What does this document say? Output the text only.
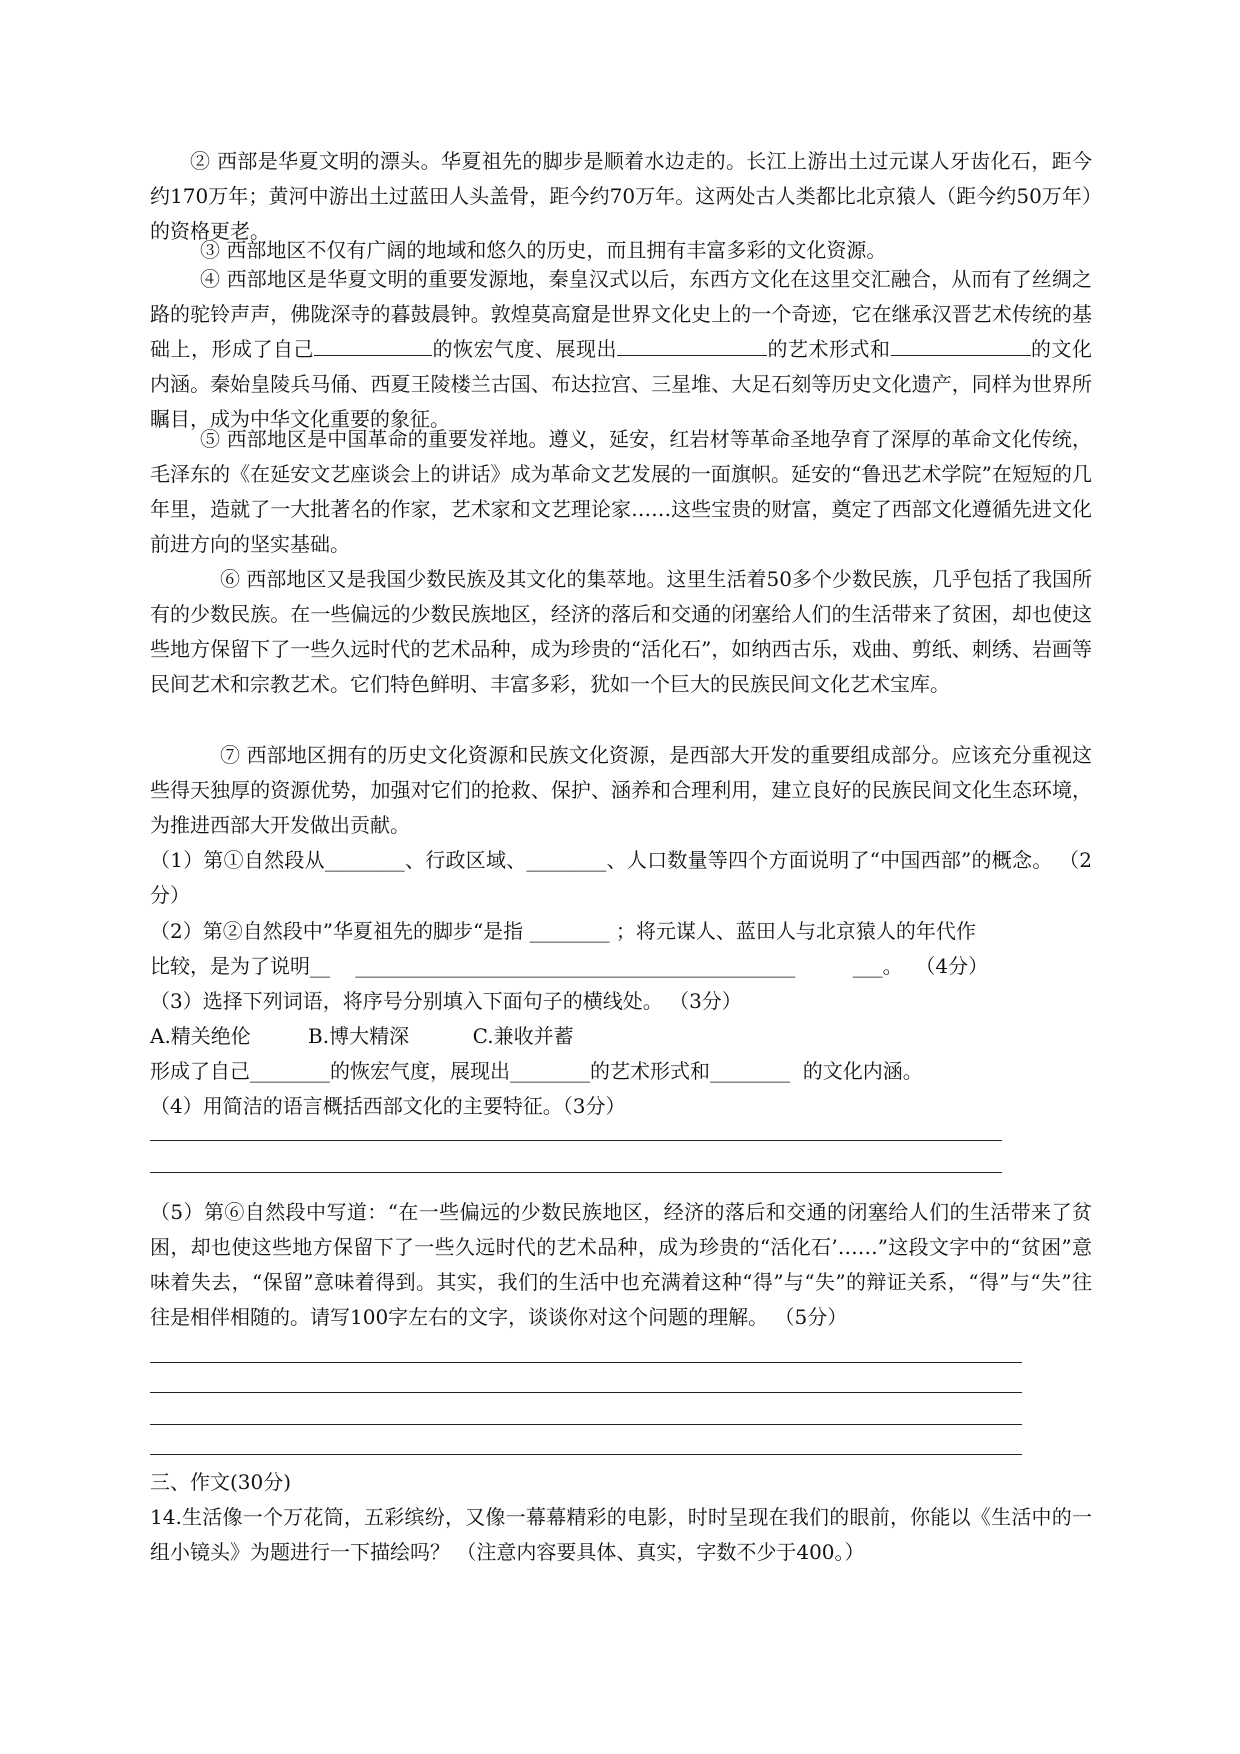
② 西部是华夏文明的漂头。华夏祖先的脚步是顺着水边走的。长江上游出土过元谋人牙齿化石，距今约170万年；黄河中游出土过蓝田人头盖骨，距今约70万年。这两处古人类都比北京猿人（距今约50万年）的资格更老。

③ 西部地区不仅有广阔的地域和悠久的历史，而且拥有丰富多彩的文化资源。

④ 西部地区是华夏文明的重要发源地，秦皇汉式以后，东西方文化在这里交汇融合，从而有了丝绸之路的驼铃声声，佛陇深寺的暮鼓晨钟。敦煌莫高窟是世界文化史上的一个奇迹，它在继承汉晋艺术传统的基础上，形成了自己	的恢宏气度、展现出	的艺术形式和	的文化内涵。秦始皇陵兵马俑、西夏王陵楼兰古国、布达拉宫、三星堆、大足石刻等历史文化遗产，同样为世界所瞩目，成为中华文化重要的象征。

⑤ 西部地区是中国革命的重要发祥地。遵义，延安，红岩材等革命圣地孕育了深厚的革命文化传统，毛泽东的《在延安文艺座谈会上的讲话》成为革命文艺发展的一面旗帜。延安的“鲁迅艺术学院”在短短的几年里，造就了一大批著名的作家，艺术家和文艺理论家……这些宝贵的财富，奠定了西部文化遵循先进文化前进方向的坚实基础。

⑥ 西部地区又是我国少数民族及其文化的集萃地。这里生活着50多个少数民族，几乎包括了我国所有的少数民族。在一些偏远的少数民族地区，经济的落后和交通的闭塞给人们的生活带来了贫困，却也使这些地方保留下了一些久远时代的艺术品种，成为珍贵的“活化石”，如纳西古乐，戏曲、剪纸、刺绣、岩画等民间艺术和宗教艺术。它们特色鲜明、丰富多彩，犹如一个巨大的民族民间文化艺术宝库。

⑦ 西部地区拥有的历史文化资源和民族文化资源，是西部大开发的重要组成部分。应该充分重视这些得天独厚的资源优势，加强对它们的抢救、保护、涵养和合理利用，建立良好的民族民间文化生态环境，为推进西部大开发做出贡献。

（1）第①自然段从________、行政区域、________、人口数量等四个方面说明了“中国西部”的概念。 （2分）

（2）第②自然段中”华夏祖先的脚步“是指 ________ ；将元谋人、蓝田人与北京猿人的年代作

比较，是为了说明__    ____________________________________________         ___。  （4分）

（3）选择下列词语，将序号分别填入下面句子的横线处。 （3分）

A.精关绝伦         B.博大精深          C.兼收并蓄

形成了自己________的恢宏气度，展现出________的艺术形式和________  的文化内涵。

（4）用简洁的语言概括西部文化的主要特征。（3分）

（5）第⑥自然段中写道：“在一些偏远的少数民族地区，经济的落后和交通的闭塞给人们的生活带来了贫困，却也使这些地方保留下了一些久远时代的艺术品种，成为珍贵的“活化石’……”这段文字中的“贫困”意味着失去，“保留”意味着得到。其实，我们的生活中也充满着这种“得”与“失”的辩证关系，“得”与“失”往往是相伴相随的。请写100字左右的文字，谈谈你对这个问题的理解。 （5分）

三、作文(30分)

14.生活像一个万花筒，五彩缤纷，又像一幕幕精彩的电影，时时呈现在我们的眼前，你能以《生活中的一组小镜头》为题进行一下描绘吗？ （注意内容要具体、真实，字数不少于400。）
